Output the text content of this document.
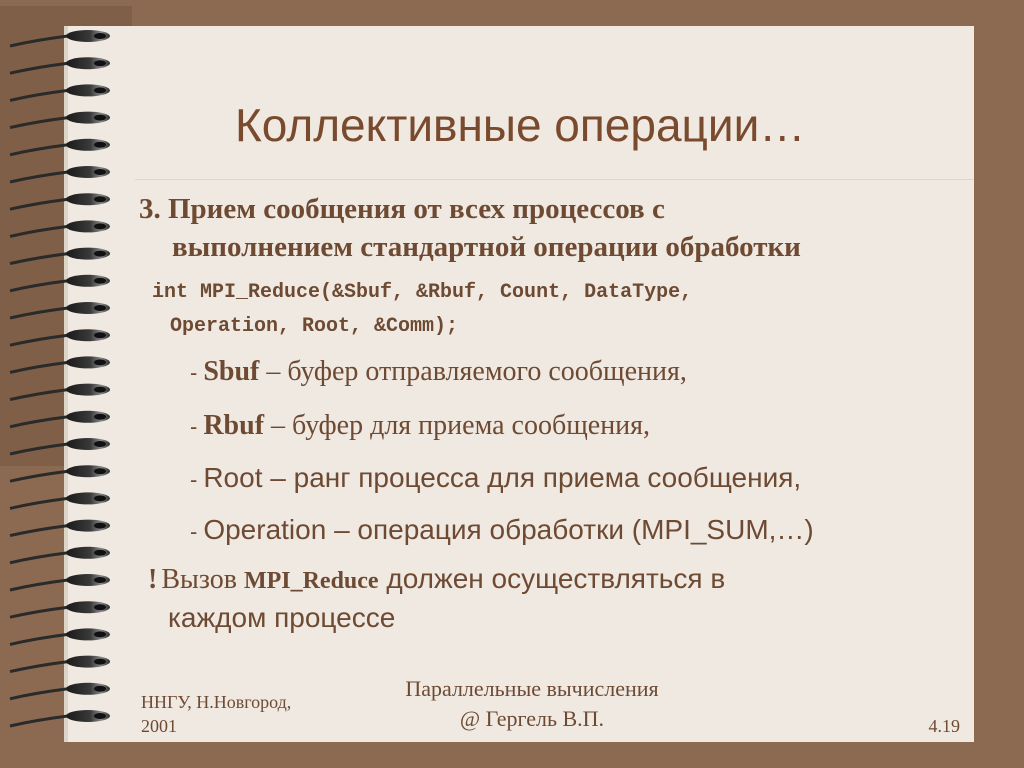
Коллективные операции…
3. Прием сообщения от всех процессов с
выполнением стандартной операции обработки
int MPI_Reduce(&Sbuf, &Rbuf, Count, DataType,
Operation, Root, &Comm);
- Sbuf – буфер отправляемого сообщения,
- Rbuf – буфер для приема сообщения,
- Root – ранг процесса для приема сообщения,
- Operation – операция обработки (MPI_SUM,…)
! Вызов MPI_Reduce должен осуществляться в
каждом процессе
ННГУ, Н.Новгород,
2001
Параллельные вычисления
@ Гергель В.П.	4.19
